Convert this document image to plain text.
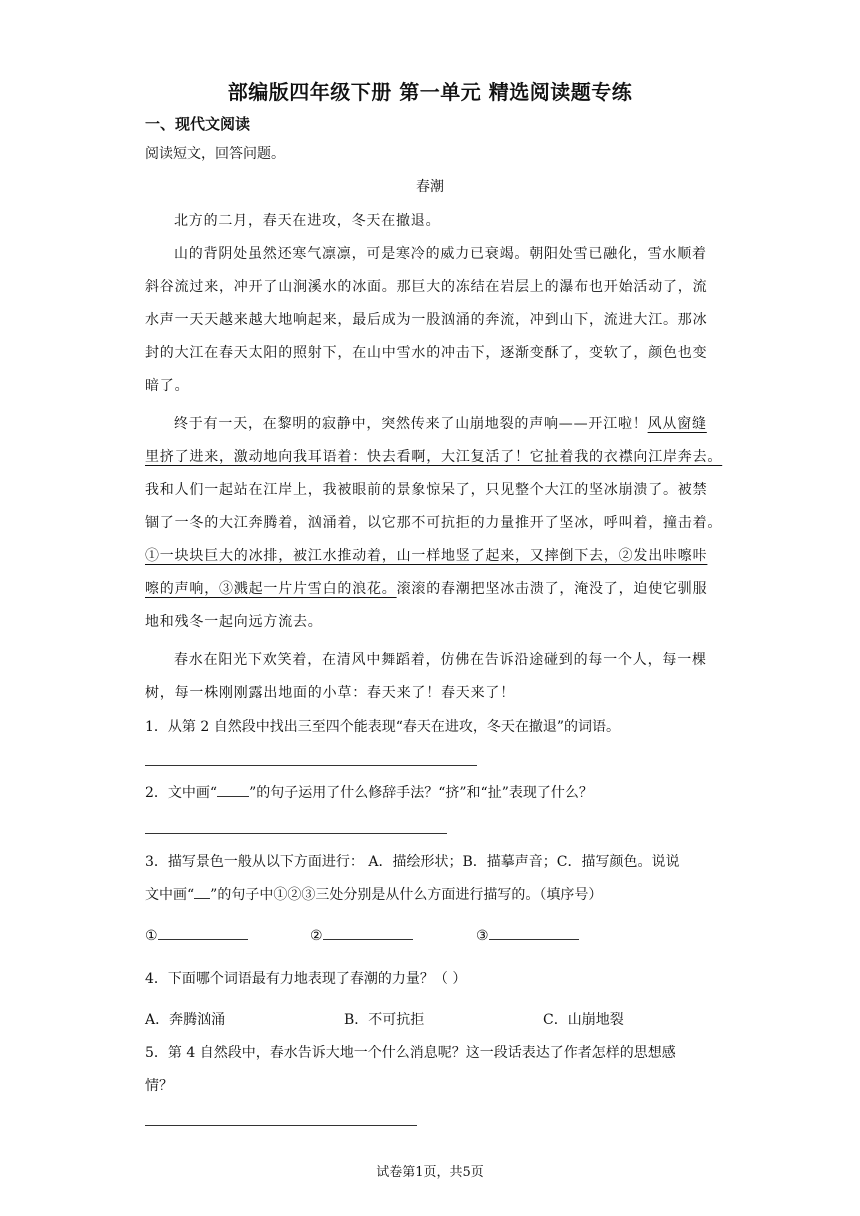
部编版四年级下册 第一单元 精选阅读题专练
一、现代文阅读
阅读短文，回答问题。
春潮
北方的二月，春天在进攻，冬天在撤退。
山的背阴处虽然还寒气凛凛，可是寒冷的威力已衰竭。朝阳处雪已融化，雪水顺着
斜谷流过来，冲开了山涧溪水的冰面。那巨大的冻结在岩层上的瀑布也开始活动了，流
水声一天天越来越大地响起来，最后成为一股汹涌的奔流，冲到山下，流进大江。那冰
封的大江在春天太阳的照射下，在山中雪水的冲击下，逐渐变酥了，变软了，颜色也变
暗了。
终于有一天，在黎明的寂静中，突然传来了山崩地裂的声响——开江啦！风从窗缝
里挤了进来，激动地向我耳语着：快去看啊，大江复活了！它扯着我的衣襟向江岸奔去。
我和人们一起站在江岸上，我被眼前的景象惊呆了，只见整个大江的坚冰崩溃了。被禁
锢了一冬的大江奔腾着，汹涌着，以它那不可抗拒的力量推开了坚冰，呼叫着，撞击着。
①一块块巨大的冰排，被江水推动着，山一样地竖了起来，又摔倒下去，②发出咔嚓咔
嚓的声响，③溅起一片片雪白的浪花。滚滚的春潮把坚冰击溃了，淹没了，迫使它驯服
地和残冬一起向远方流去。
春水在阳光下欢笑着，在清风中舞蹈着，仿佛在告诉沿途碰到的每一个人，每一棵
树，每一株刚刚露出地面的小草：春天来了！春天来了！
1．从第 2 自然段中找出三至四个能表现“春天在进攻，冬天在撤退”的词语。
2．文中画“ ”的句子运用了什么修辞手法？“挤”和“扯”表现了什么？
3．描写景色一般从以下方面进行： A．描绘形状；B．描摹声音；C．描写颜色。说说
文中画“ ”的句子中①②③三处分别是从什么方面进行描写的。（填序号）
①	②	③
4．下面哪个词语最有力地表现了春潮的力量？（ ）
A．奔腾汹涌	B．不可抗拒	C．山崩地裂
5．第 4 自然段中，春水告诉大地一个什么消息呢？这一段话表达了作者怎样的思想感
情？
试卷第1页，共5页
